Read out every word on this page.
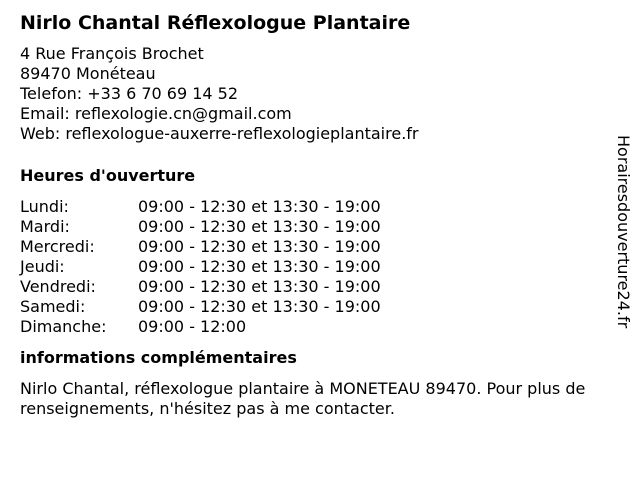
Nirlo Chantal Réflexologue Plantaire
4 Rue François Brochet
89470 Monéteau
Telefon: +33 6 70 69 14 52
Email: reflexologie.cn@gmail.com
Web: reflexologue-auxerre-reflexologieplantaire.fr
Heures d'ouverture
Lundi:	09:00 - 12:30 et 13:30 - 19:00
Mardi:	09:00 - 12:30 et 13:30 - 19:00
Mercredi:	09:00 - 12:30 et 13:30 - 19:00
Jeudi:	09:00 - 12:30 et 13:30 - 19:00
Vendredi:	09:00 - 12:30 et 13:30 - 19:00
Samedi:	09:00 - 12:30 et 13:30 - 19:00
Dimanche:	09:00 - 12:00
informations complémentaires
Nirlo Chantal, réflexologue plantaire à MONETEAU 89470. Pour plus de renseignements, n'hésitez pas à me contacter.
Horairesdouverture24.fr
